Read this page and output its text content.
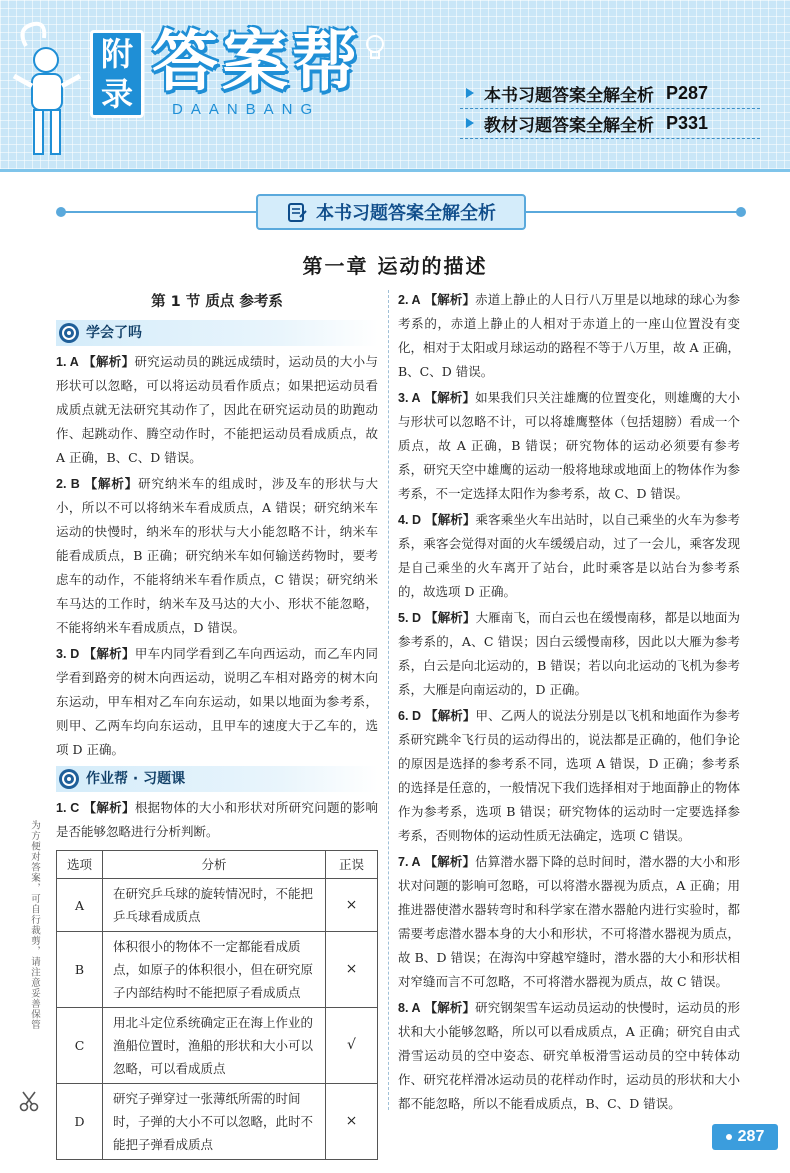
附
录 答案帮
DAANBANG
本书习题答案全解全析 P287
教材习题答案全解全析 P331
本书习题答案全解全析
第一章 运动的描述
第 1 节 质点 参考系
学会了吗
1. A 【解析】研究运动员的跳远成绩时，运动员的大小与形状可以忽略，可以将运动员看作质点；如果把运动员看成质点就无法研究其动作了，因此在研究运动员的助跑动作、起跳动作、腾空动作时，不能把运动员看成质点，故 A 正确，B、C、D 错误。
2. B 【解析】研究纳米车的组成时，涉及车的形状与大小，所以不可以将纳米车看成质点，A 错误；研究纳米车运动的快慢时，纳米车的形状与大小能忽略不计，纳米车能看成质点，B 正确；研究纳米车如何输送药物时，要考虑车的动作，不能将纳米车看作质点，C 错误；研究纳米车马达的工作时，纳米车及马达的大小、形状不能忽略，不能将纳米车看成质点，D 错误。
3. D 【解析】甲车内同学看到乙车向西运动，而乙车内同学看到路旁的树木向西运动，说明乙车相对路旁的树木向东运动，甲车相对乙车向东运动，如果以地面为参考系，则甲、乙两车均向东运动，且甲车的速度大于乙车的，选项 D 正确。
作业帮 · 习题课
1. C 【解析】根据物体的大小和形状对所研究问题的影响是否能够忽略进行分析判断。
选项	分析	正误
A	在研究乒乓球的旋转情况时，不能把乒乓球看成质点	×
B	体积很小的物体不一定都能看成质点，如原子的体积很小，但在研究原子内部结构时不能把原子看成质点	×
C	用北斗定位系统确定正在海上作业的渔船位置时，渔船的形状和大小可以忽略，可以看成质点	√
D	研究子弹穿过一张薄纸所需的时间时，子弹的大小不可以忽略，此时不能把子弹看成质点	×
2. A 【解析】赤道上静止的人日行八万里是以地球的球心为参考系的，赤道上静止的人相对于赤道上的一座山位置没有变化，相对于太阳或月球运动的路程不等于八万里，故 A 正确，B、C、D 错误。
3. A 【解析】如果我们只关注雄鹰的位置变化，则雄鹰的大小与形状可以忽略不计，可以将雄鹰整体（包括翅膀）看成一个质点，故 A 正确，B 错误；研究物体的运动必须要有参考系，研究天空中雄鹰的运动一般将地球或地面上的物体作为参考系，不一定选择太阳作为参考系，故 C、D 错误。
4. D 【解析】乘客乘坐火车出站时，以自己乘坐的火车为参考系，乘客会觉得对面的火车缓缓启动，过了一会儿，乘客发现是自己乘坐的火车离开了站台，此时乘客是以站台为参考系的，故选项 D 正确。
5. D 【解析】大雁南飞，而白云也在缓慢南移，都是以地面为参考系的，A、C 错误；因白云缓慢南移，因此以大雁为参考系，白云是向北运动的，B 错误；若以向北运动的飞机为参考系，大雁是向南运动的，D 正确。
6. D 【解析】甲、乙两人的说法分别是以飞机和地面作为参考系研究跳伞飞行员的运动得出的，说法都是正确的，他们争论的原因是选择的参考系不同，选项 A 错误，D 正确；参考系的选择是任意的，一般情况下我们选择相对于地面静止的物体作为参考系，选项 B 错误；研究物体的运动时一定要选择参考系，否则物体的运动性质无法确定，选项 C 错误。
7. A 【解析】估算潜水器下降的总时间时，潜水器的大小和形状对问题的影响可忽略，可以将潜水器视为质点，A 正确；用推进器使潜水器转弯时和科学家在潜水器舱内进行实验时，都需要考虑潜水器本身的大小和形状，不可将潜水器视为质点，故 B、D 错误；在海沟中穿越窄缝时，潜水器的大小和形状相对窄缝而言不可忽略，不可将潜水器视为质点，故 C 错误。
8. A 【解析】研究钢架雪车运动员运动的快慢时，运动员的形状和大小能够忽略，所以可以看成质点，A 正确；研究自由式滑雪运动员的空中姿态、研究单板滑雪运动员的空中转体动作、研究花样滑冰运动员的花样动作时，运动员的形状和大小都不能忽略，所以不能看成质点，B、C、D 错误。
为方便对答案，可自行裁剪，请注意妥善保管
287
